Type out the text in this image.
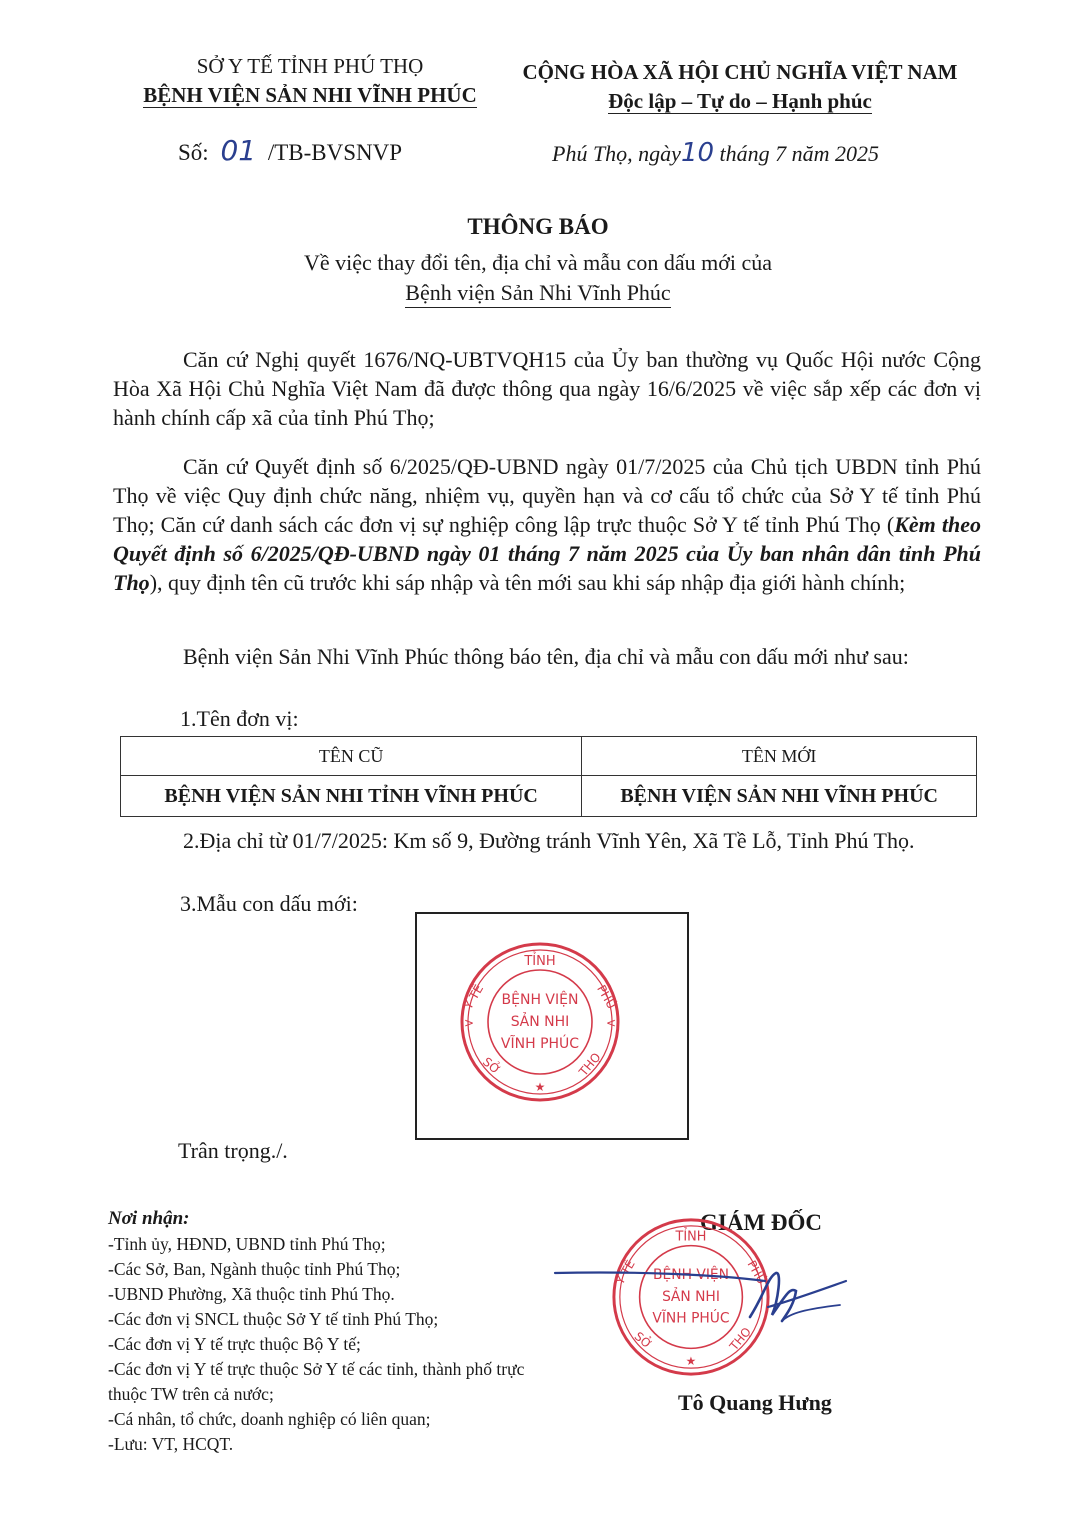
SỞ Y TẾ TỈNH PHÚ THỌ
BỆNH VIỆN SẢN NHI VĨNH PHÚC
CỘNG HÒA XÃ HỘI CHỦ NGHĨA VIỆT NAM
Độc lập – Tự do – Hạnh phúc
Số: 01 /TB-BVSNVP	Phú Thọ, ngày10 tháng 7 năm 2025
THÔNG BÁO
Về việc thay đổi tên, địa chỉ và mẫu con dấu mới của
Bệnh viện Sản Nhi Vĩnh Phúc
Căn cứ Nghị quyết 1676/NQ-UBTVQH15 của Ủy ban thường vụ Quốc Hội nước Cộng Hòa Xã Hội Chủ Nghĩa Việt Nam đã được thông qua ngày 16/6/2025 về việc sắp xếp các đơn vị hành chính cấp xã của tỉnh Phú Thọ;
Căn cứ Quyết định số 6/2025/QĐ-UBND ngày 01/7/2025 của Chủ tịch UBDN tỉnh Phú Thọ về việc Quy định chức năng, nhiệm vụ, quyền hạn và cơ cấu tổ chức của Sở Y tế tỉnh Phú Thọ; Căn cứ danh sách các đơn vị sự nghiệp công lập trực thuộc Sở Y tế tỉnh Phú Thọ (Kèm theo Quyết định số 6/2025/QĐ-UBND ngày 01 tháng 7 năm 2025 của Ủy ban nhân dân tỉnh Phú Thọ), quy định tên cũ trước khi sáp nhập và tên mới sau khi sáp nhập địa giới hành chính;
Bệnh viện Sản Nhi Vĩnh Phúc thông báo tên, địa chỉ và mẫu con dấu mới như sau:
1.Tên đơn vị:
TÊN CŨ	TÊN MỚI
BỆNH VIỆN SẢN NHI TỈNH VĨNH PHÚC	BỆNH VIỆN SẢN NHI VĨNH PHÚC
2.Địa chỉ từ 01/7/2025: Km số 9, Đường tránh Vĩnh Yên, Xã Tề Lỗ, Tỉnh Phú Thọ.
3.Mẫu con dấu mới:
TỈNH
Y TẾ	PHÚ
SỞ	THỌ
>	<
BỆNH VIỆN
SẢN NHI
VĨNH PHÚC
★
Trân trọng./.
Nơi nhận:
-Tỉnh ủy, HĐND, UBND tỉnh Phú Thọ;
-Các Sở, Ban, Ngành thuộc tỉnh Phú Thọ;
-UBND Phường, Xã thuộc tỉnh Phú Thọ.
-Các đơn vị SNCL thuộc Sở Y tế tỉnh Phú Thọ;
-Các đơn vị Y tế trực thuộc Bộ Y tế;
-Các đơn vị Y tế trực thuộc Sở Y tế các tỉnh, thành phố trực thuộc TW trên cả nước;
-Cá nhân, tổ chức, doanh nghiệp có liên quan;
-Lưu: VT, HCQT.
GIÁM ĐỐC
TỈNH
Y TẾ	PHÚ
SỞ	THỌ
BỆNH VIỆN
SẢN NHI
VĨNH PHÚC
★
Tô Quang Hưng
